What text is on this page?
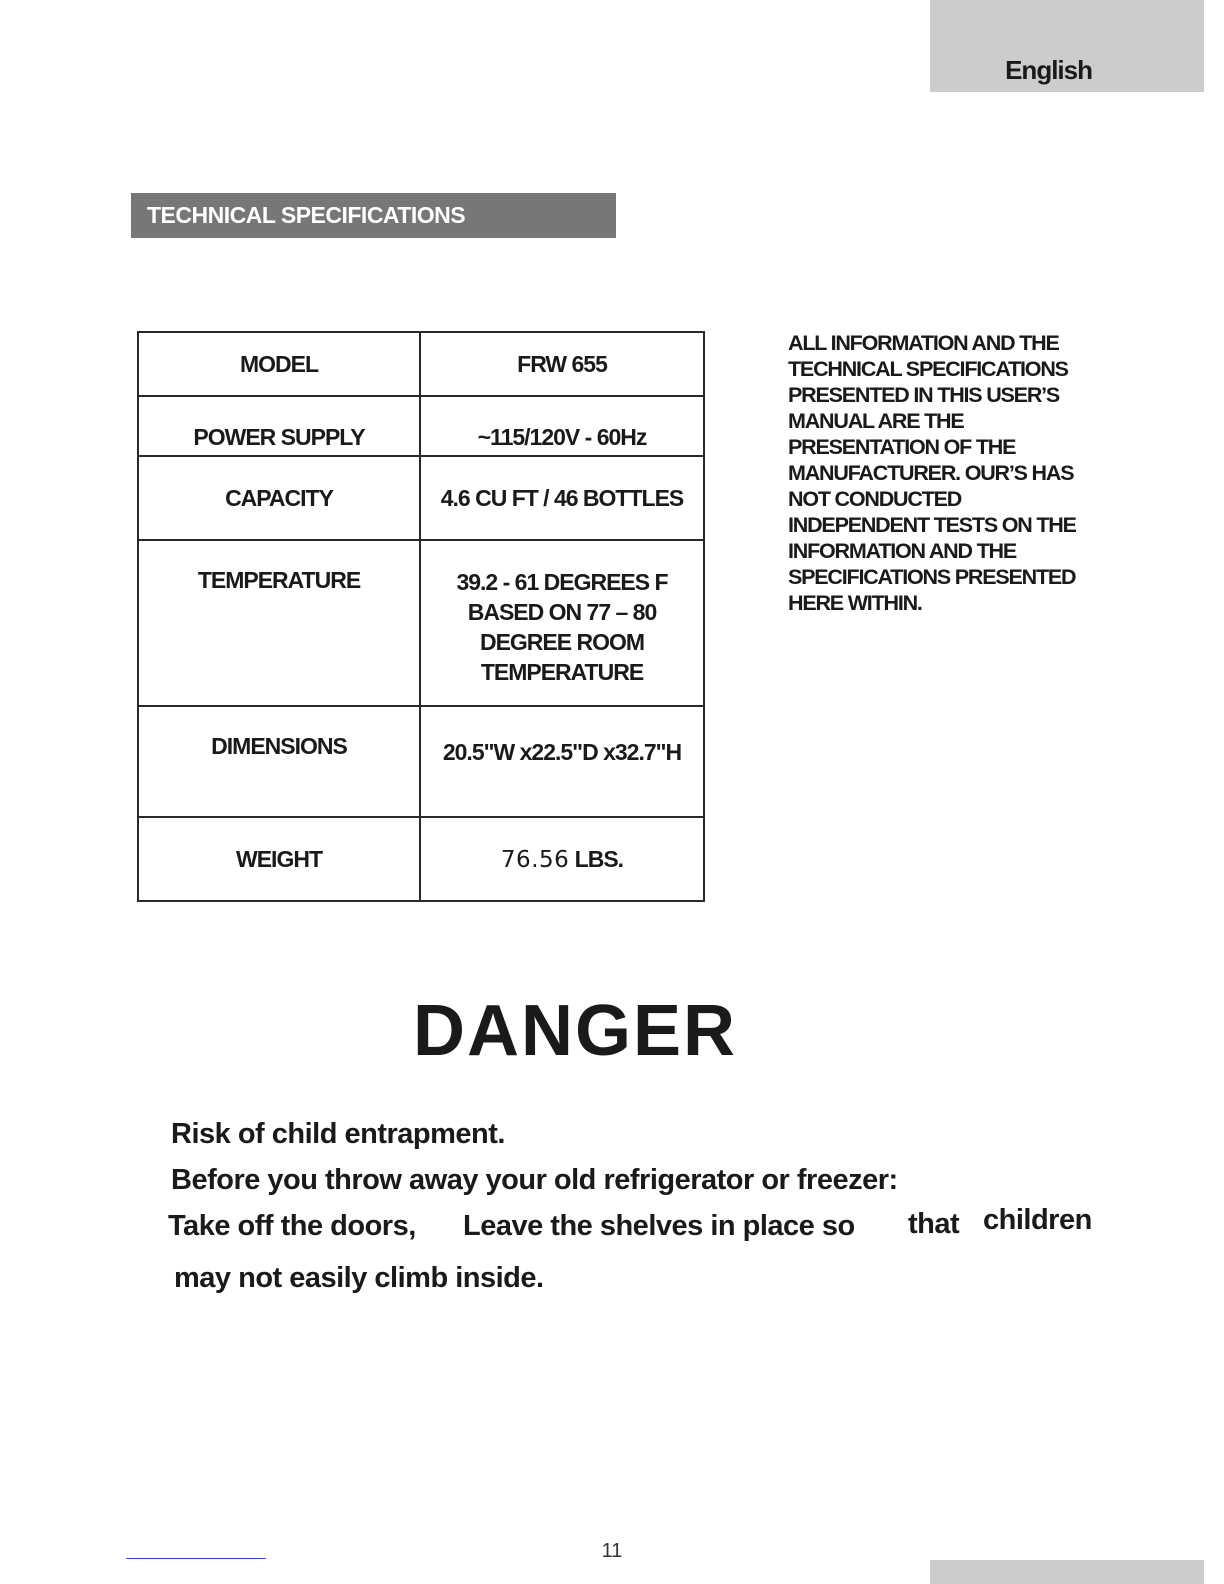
English
TECHNICAL SPECIFICATIONS
MODEL	FRW 655
POWER SUPPLY	~115/120V - 60Hz
CAPACITY	4.6 CU FT / 46 BOTTLES
TEMPERATURE	39.2 - 61 DEGREES F
BASED ON 77 – 80
DEGREE ROOM
TEMPERATURE
DIMENSIONS	20.5"W x22.5"D x32.7"H
WEIGHT	76.56 LBS.
ALL INFORMATION AND THE
TECHNICAL SPECIFICATIONS
PRESENTED IN THIS USER’S
MANUAL ARE THE
PRESENTATION OF THE
MANUFACTURER. OUR’S HAS
NOT CONDUCTED
INDEPENDENT TESTS ON THE
INFORMATION AND THE
SPECIFICATIONS PRESENTED
HERE WITHIN.
DANGER
Risk of child entrapment.
Before you throw away your old refrigerator or freezer:
Take off the doors, Leave the shelves in place so that children
may not easily climb inside.
11
